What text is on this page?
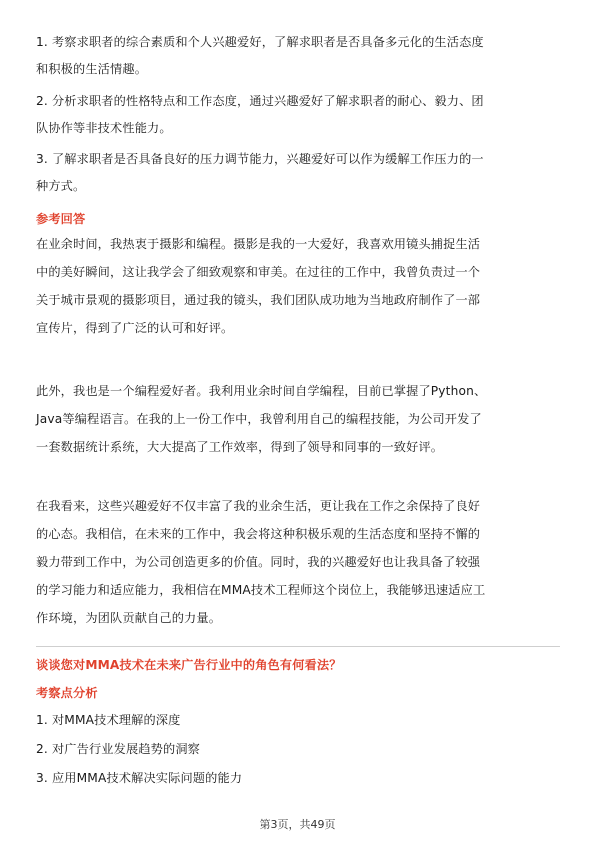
1. 考察求职者的综合素质和个人兴趣爱好，了解求职者是否具备多元化的生活态度
和积极的生活情趣。
2. 分析求职者的性格特点和工作态度，通过兴趣爱好了解求职者的耐心、毅力、团
队协作等非技术性能力。
3. 了解求职者是否具备良好的压力调节能力，兴趣爱好可以作为缓解工作压力的一
种方式。
参考回答
在业余时间，我热衷于摄影和编程。摄影是我的一大爱好，我喜欢用镜头捕捉生活
中的美好瞬间，这让我学会了细致观察和审美。在过往的工作中，我曾负责过一个
关于城市景观的摄影项目，通过我的镜头，我们团队成功地为当地政府制作了一部
宣传片，得到了广泛的认可和好评。
此外，我也是一个编程爱好者。我利用业余时间自学编程，目前已掌握了Python、
Java等编程语言。在我的上一份工作中，我曾利用自己的编程技能，为公司开发了
一套数据统计系统，大大提高了工作效率，得到了领导和同事的一致好评。
在我看来，这些兴趣爱好不仅丰富了我的业余生活，更让我在工作之余保持了良好
的心态。我相信，在未来的工作中，我会将这种积极乐观的生活态度和坚持不懈的
毅力带到工作中，为公司创造更多的价值。同时，我的兴趣爱好也让我具备了较强
的学习能力和适应能力，我相信在MMA技术工程师这个岗位上，我能够迅速适应工
作环境，为团队贡献自己的力量。
谈谈您对MMA技术在未来广告行业中的角色有何看法？
考察点分析
1. 对MMA技术理解的深度
2. 对广告行业发展趋势的洞察
3. 应用MMA技术解决实际问题的能力
第3页，共49页
